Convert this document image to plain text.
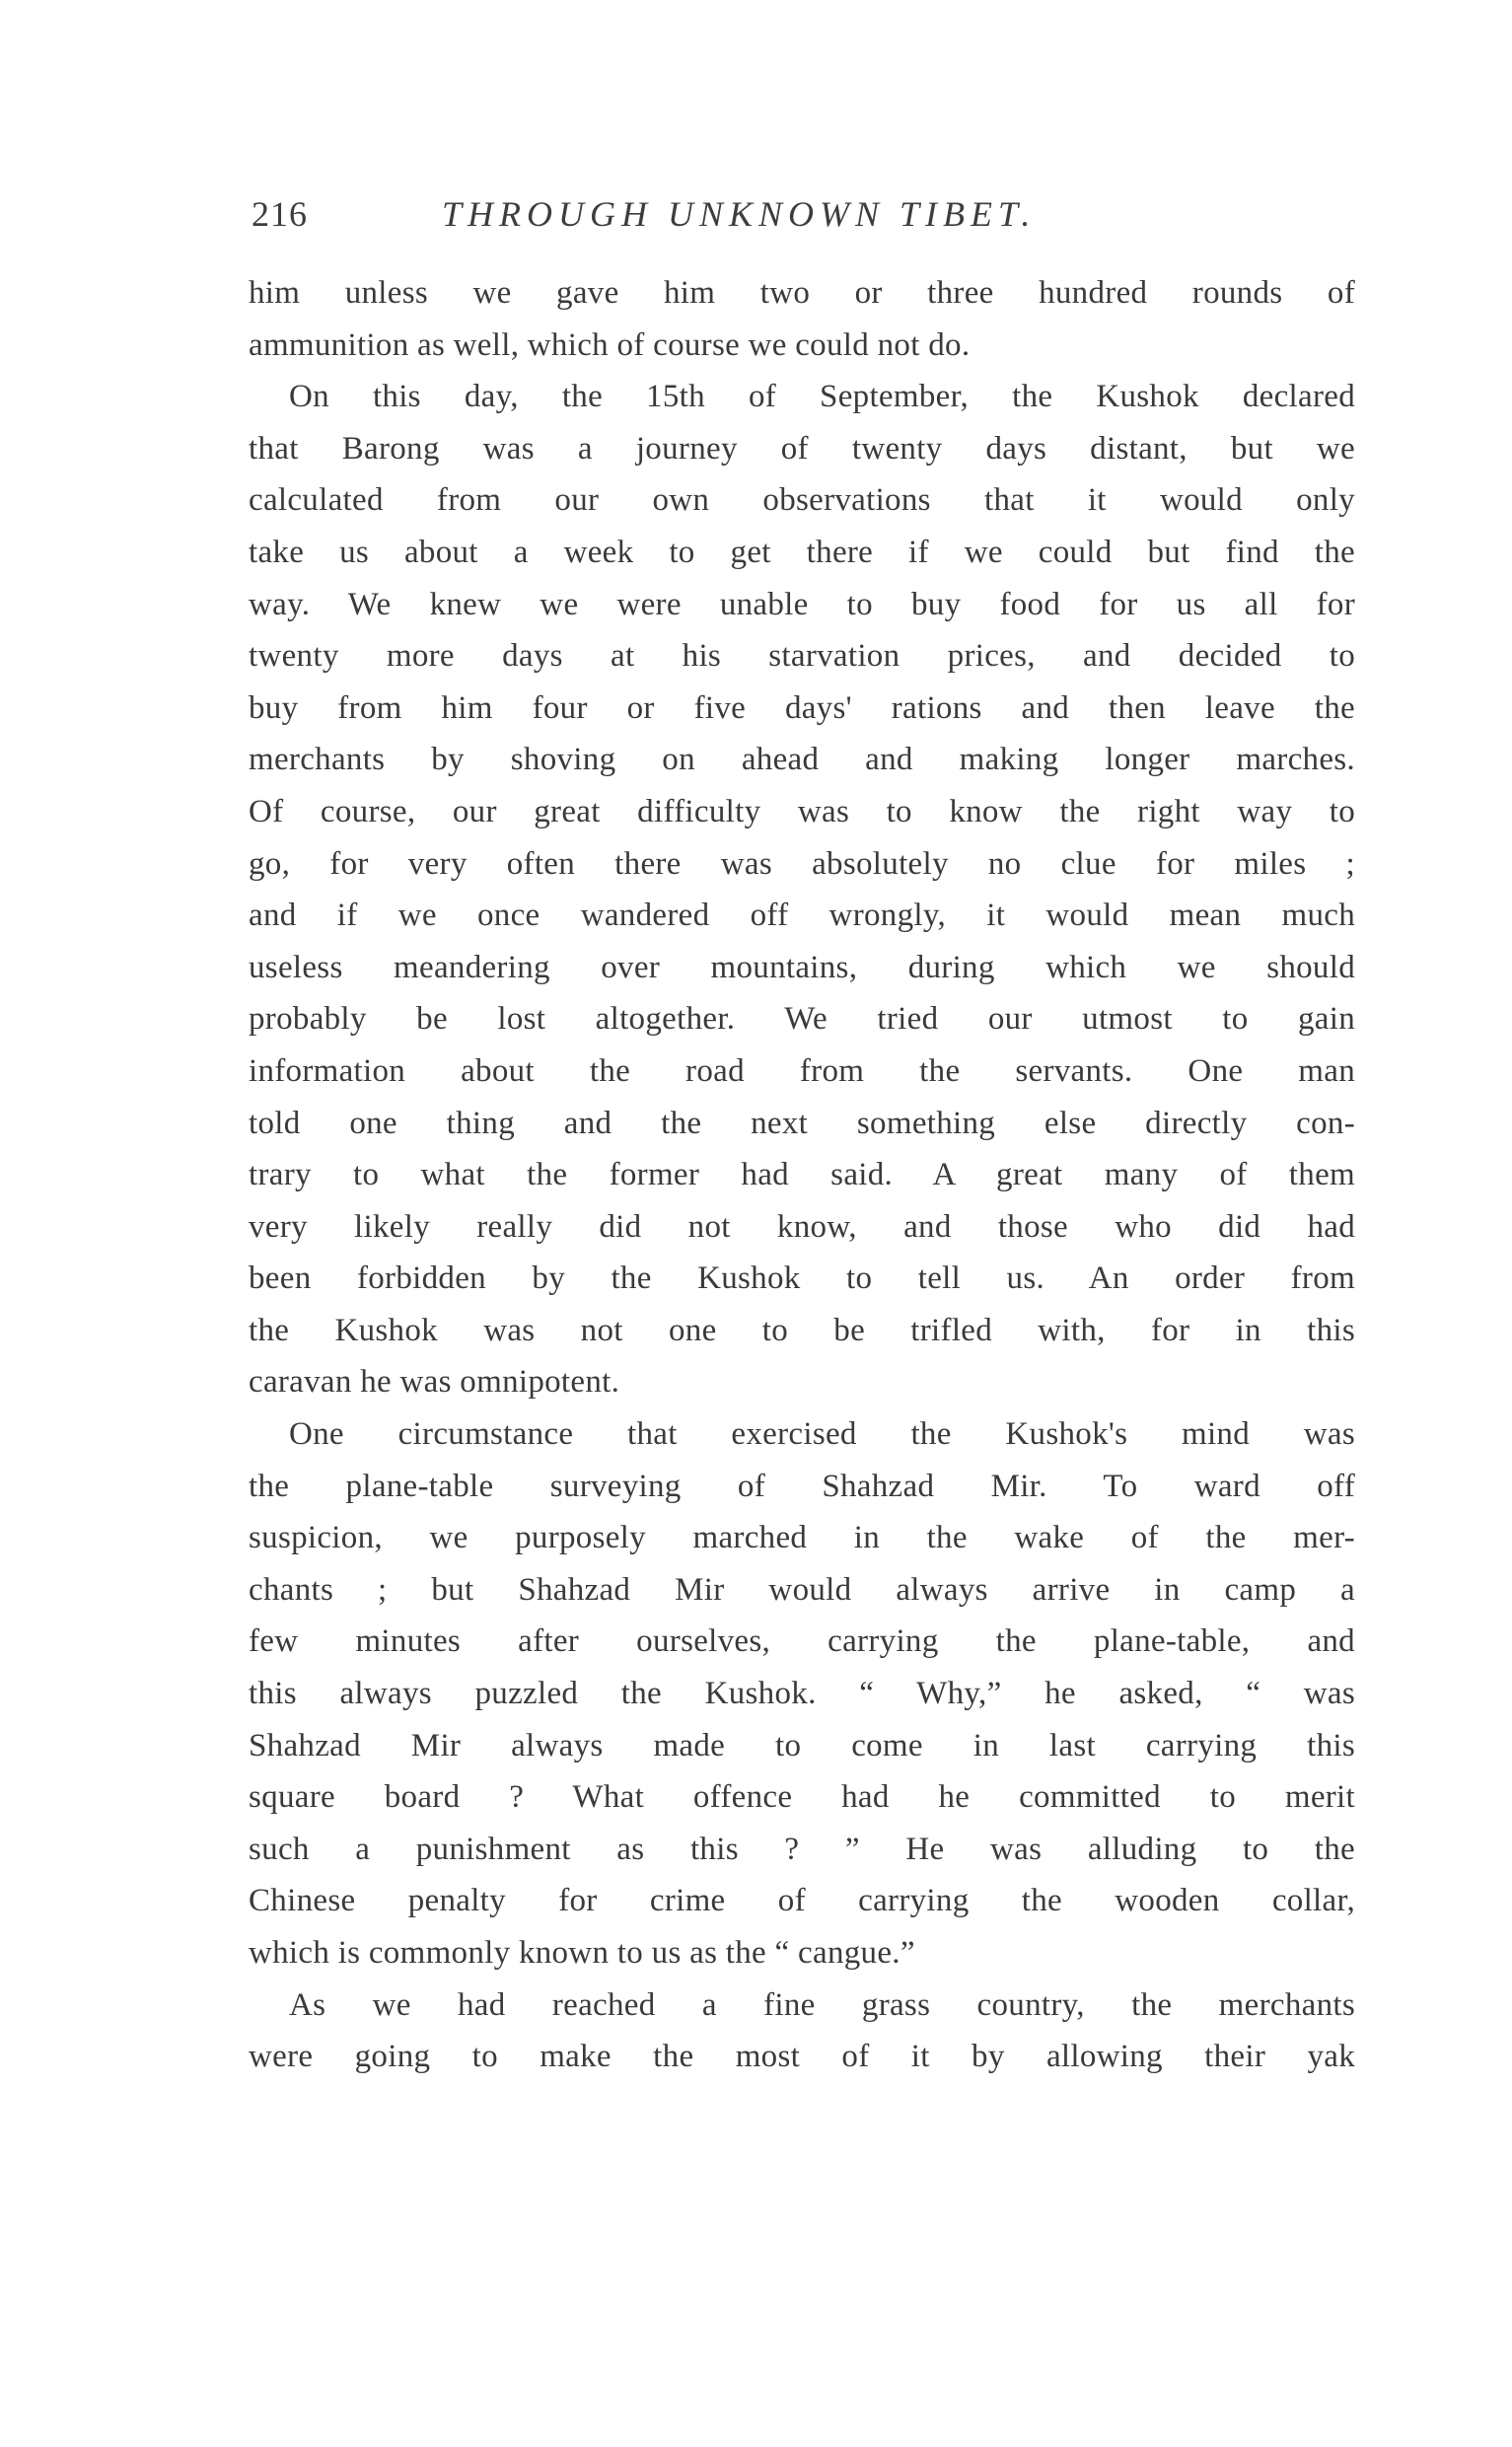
216	THROUGH UNKNOWN TIBET.
him unless we gave him two or three hundred rounds of
ammunition as well, which of course we could not do.
On this day, the 15th of September, the Kushok declared
that Barong was a journey of twenty days distant, but we
calculated from our own observations that it would only
take us about a week to get there if we could but find the
way. We knew we were unable to buy food for us all for
twenty more days at his starvation prices, and decided to
buy from him four or five days' rations and then leave the
merchants by shoving on ahead and making longer marches.
Of course, our great difficulty was to know the right way to
go, for very often there was absolutely no clue for miles ;
and if we once wandered off wrongly, it would mean much
useless meandering over mountains, during which we should
probably be lost altogether. We tried our utmost to gain
information about the road from the servants. One man
told one thing and the next something else directly con-
trary to what the former had said. A great many of them
very likely really did not know, and those who did had
been forbidden by the Kushok to tell us. An order from
the Kushok was not one to be trifled with, for in this
caravan he was omnipotent.
One circumstance that exercised the Kushok's mind was
the plane-table surveying of Shahzad Mir. To ward off
suspicion, we purposely marched in the wake of the mer-
chants ; but Shahzad Mir would always arrive in camp a
few minutes after ourselves, carrying the plane-table, and
this always puzzled the Kushok. “ Why,” he asked, “ was
Shahzad Mir always made to come in last carrying this
square board ? What offence had he committed to merit
such a punishment as this ? ” He was alluding to the
Chinese penalty for crime of carrying the wooden collar,
which is commonly known to us as the “ cangue.”
As we had reached a fine grass country, the merchants
were going to make the most of it by allowing their yak
